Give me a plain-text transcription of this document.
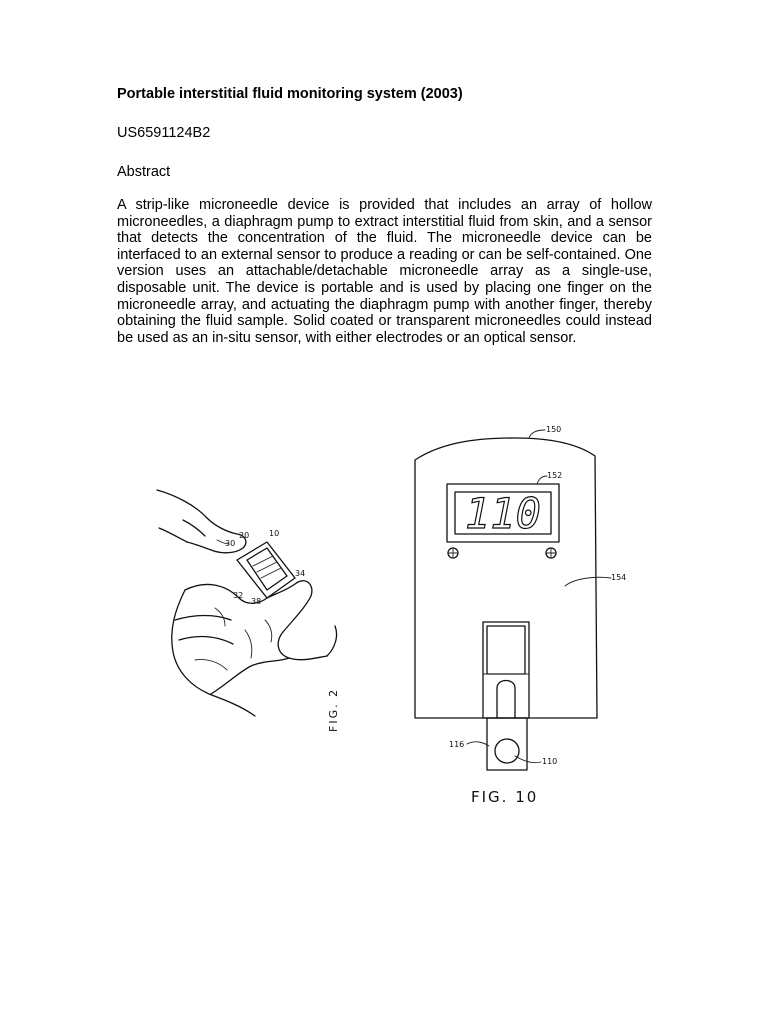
Portable interstitial fluid monitoring system (2003)

US6591124B2

Abstract

A strip-like microneedle device is provided that includes an array of hollow microneedles, a diaphragm pump to extract interstitial fluid from skin, and a sensor that detects the concentration of the fluid. The microneedle device can be interfaced to an external sensor to produce a reading or can be self-contained. One version uses an attachable/detachable microneedle array as a single-use, disposable unit. The device is portable and is used by placing one finger on the microneedle array, and actuating the diaphragm pump with another finger, thereby obtaining the fluid sample. Solid coated or transparent microneedles could instead be used as an in-situ sensor, with either electrodes or an optical sensor.

30
20 10
34
32
38
FIG. 2
150
110
152
154
116
110
FIG. 10
